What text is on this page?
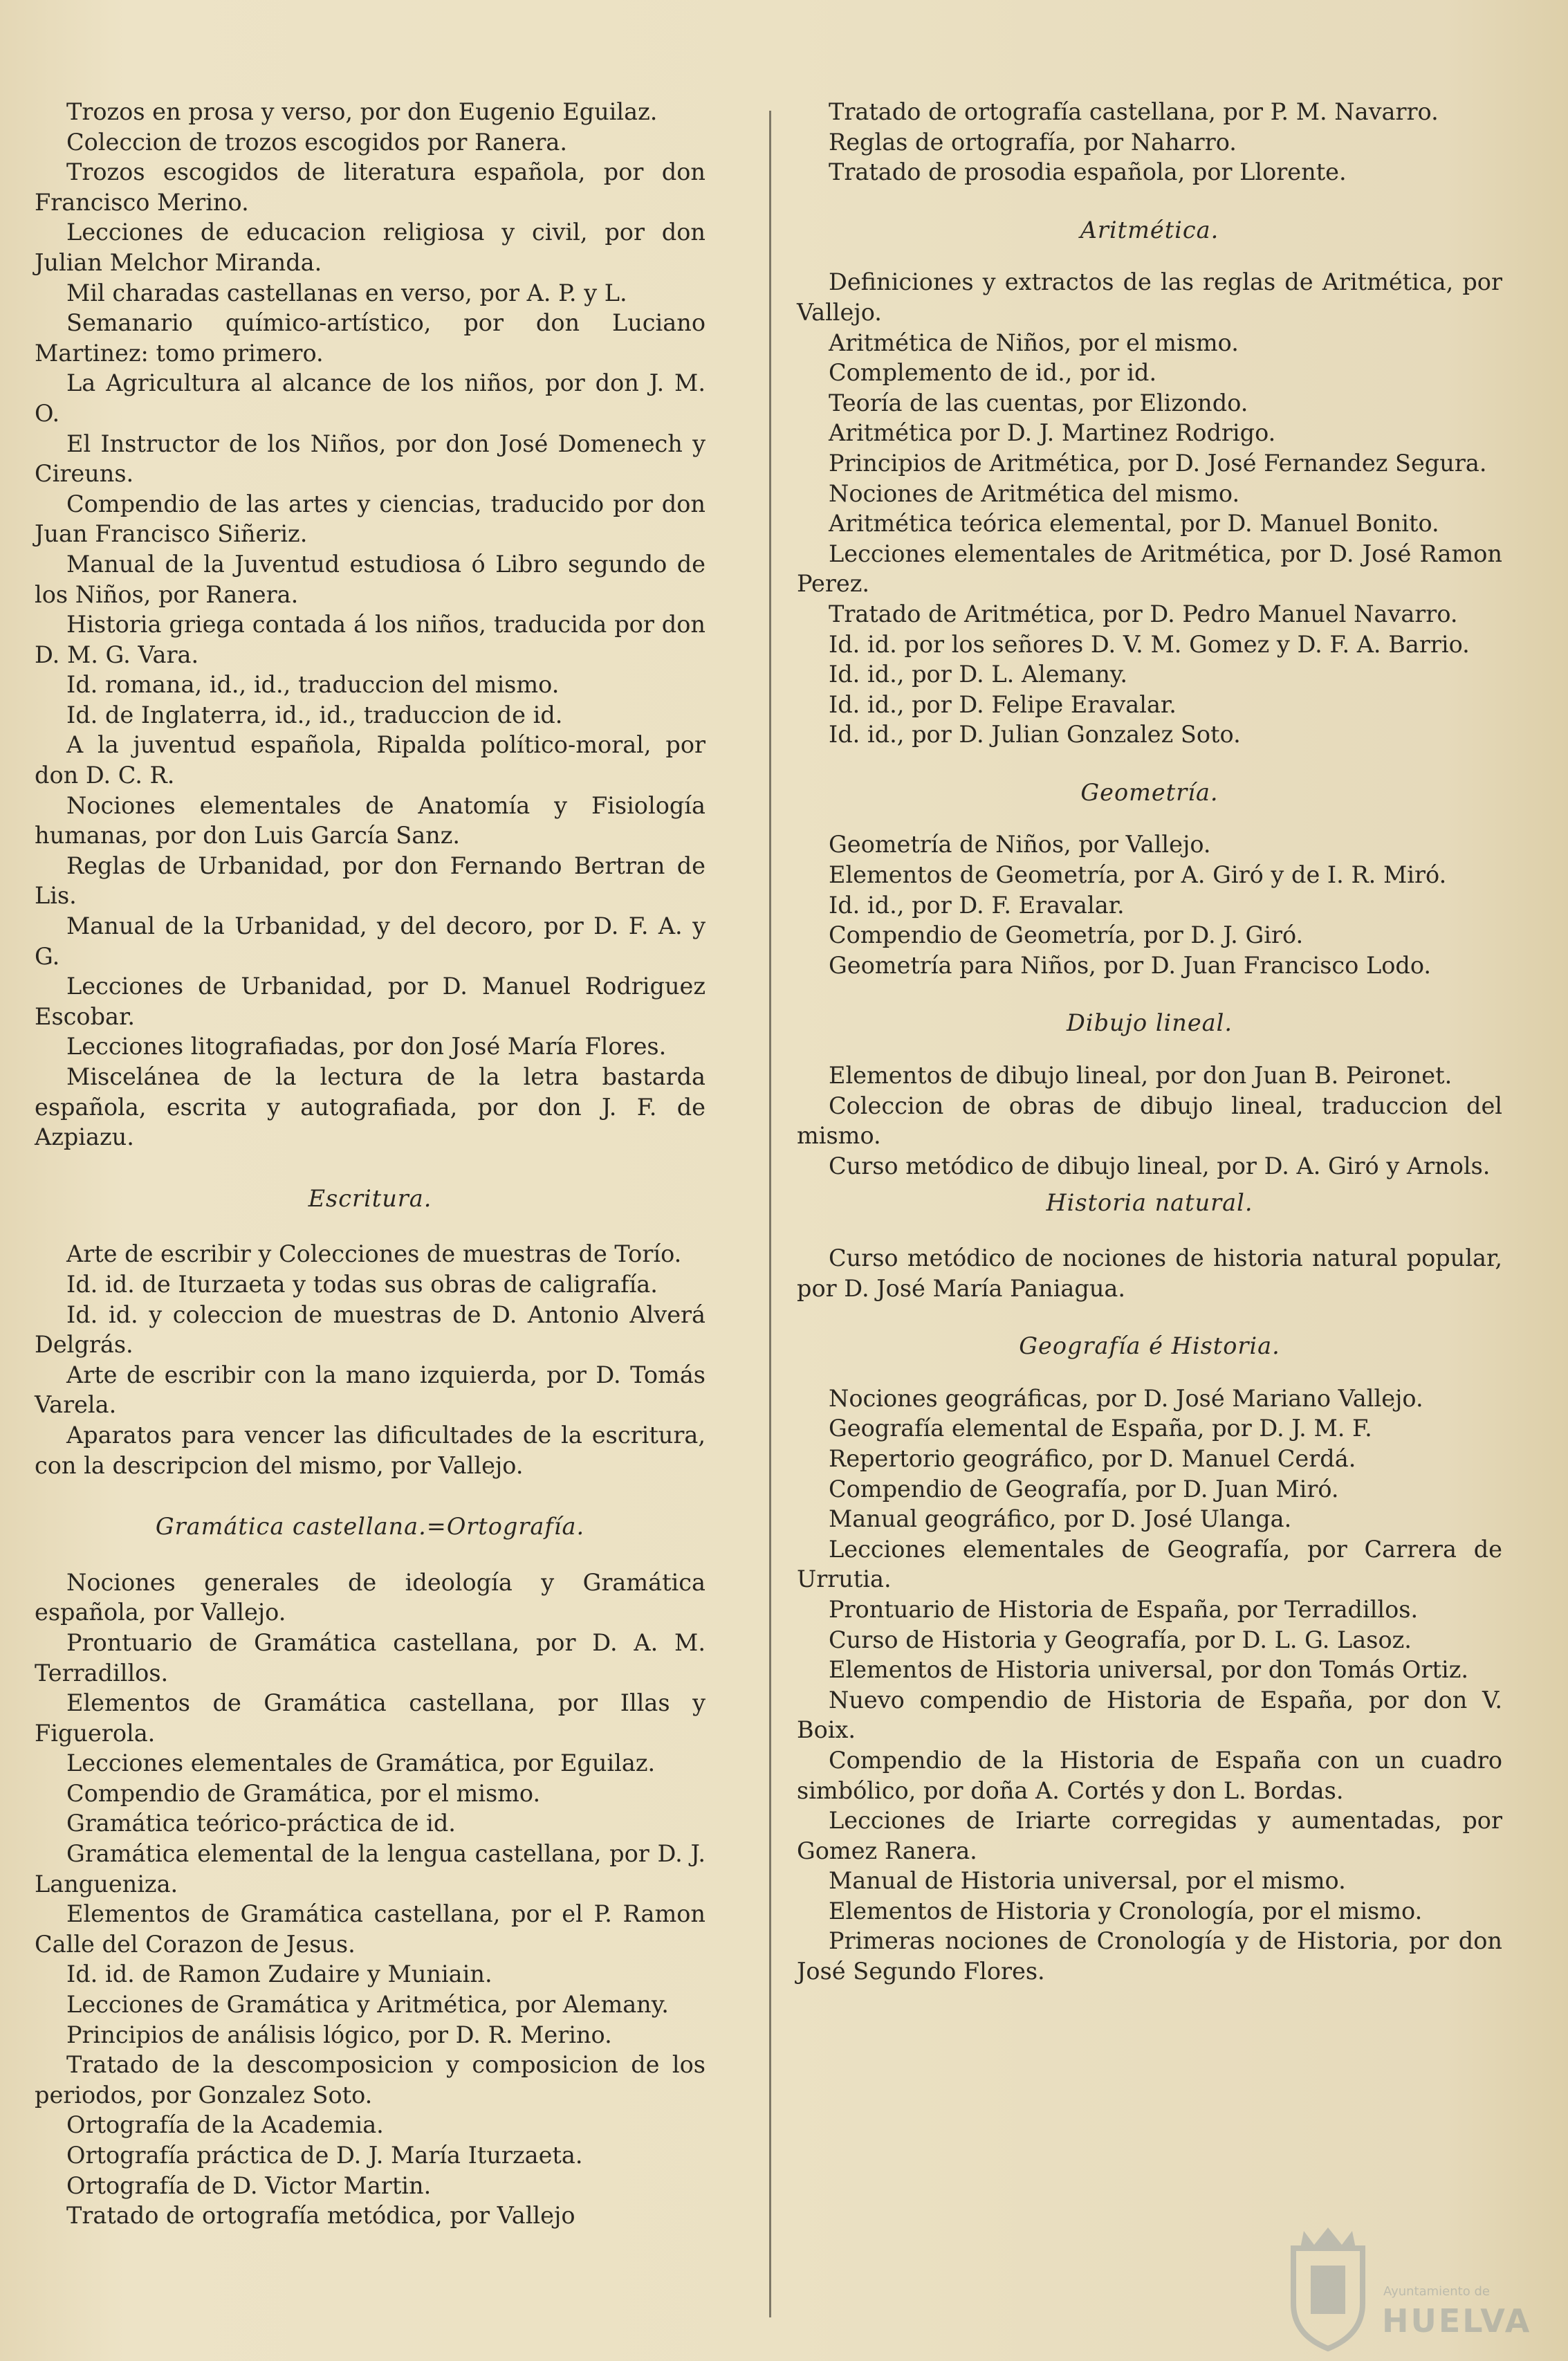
Trozos en prosa y verso, por don Eugenio Eguilaz.

Coleccion de trozos escogidos por Ranera.

Trozos escogidos de literatura española, por don Francisco Merino.

Lecciones de educacion religiosa y civil, por don Julian Melchor Miranda.

Mil charadas castellanas en verso, por A. P. y L.

Semanario químico-artístico, por don Luciano Martinez: tomo primero.

La Agricultura al alcance de los niños, por don J. M. O.

El Instructor de los Niños, por don José Domenech y Cireuns.

Compendio de las artes y ciencias, traducido por don Juan Francisco Siñeriz.

Manual de la Juventud estudiosa ó Libro segundo de los Niños, por Ranera.

Historia griega contada á los niños, traducida por don D. M. G. Vara.

Id. romana, id., id., traduccion del mismo.

Id. de Inglaterra, id., id., traduccion de id.

A la juventud española, Ripalda político-moral, por don D. C. R.

Nociones elementales de Anatomía y Fisiología humanas, por don Luis García Sanz.

Reglas de Urbanidad, por don Fernando Bertran de Lis.

Manual de la Urbanidad, y del decoro, por D. F. A. y G.

Lecciones de Urbanidad, por D. Manuel Rodriguez Escobar.

Lecciones litografiadas, por don José María Flores.

Miscelánea de la lectura de la letra bastarda española, escrita y autografiada, por don J. F. de Azpiazu.

Escritura.

Arte de escribir y Colecciones de muestras de Torío.

Id. id. de Iturzaeta y todas sus obras de caligrafía.

Id. id. y coleccion de muestras de D. Antonio Alverá Delgrás.

Arte de escribir con la mano izquierda, por D. Tomás Varela.

Aparatos para vencer las dificultades de la escritura, con la descripcion del mismo, por Vallejo.

Gramática castellana.=Ortografía.

Nociones generales de ideología y Gramática española, por Vallejo.

Prontuario de Gramática castellana, por D. A. M. Terradillos.

Elementos de Gramática castellana, por Illas y Figuerola.

Lecciones elementales de Gramática, por Eguilaz.

Compendio de Gramática, por el mismo.

Gramática teórico-práctica de id.

Gramática elemental de la lengua castellana, por D. J. Langueniza.

Elementos de Gramática castellana, por el P. Ramon Calle del Corazon de Jesus.

Id. id. de Ramon Zudaire y Muniain.

Lecciones de Gramática y Aritmética, por Alemany.

Principios de análisis lógico, por D. R. Merino.

Tratado de la descomposicion y composicion de los periodos, por Gonzalez Soto.

Ortografía de la Academia.

Ortografía práctica de D. J. María Iturzaeta.

Ortografía de D. Victor Martin.

Tratado de ortografía metódica, por Vallejo

Tratado de ortografía castellana, por P. M. Navarro.

Reglas de ortografía, por Naharro.

Tratado de prosodia española, por Llorente.

Aritmética.

Definiciones y extractos de las reglas de Aritmética, por Vallejo.

Aritmética de Niños, por el mismo.

Complemento de id., por id.

Teoría de las cuentas, por Elizondo.

Aritmética por D. J. Martinez Rodrigo.

Principios de Aritmética, por D. José Fernandez Segura.

Nociones de Aritmética del mismo.

Aritmética teórica elemental, por D. Manuel Bonito.

Lecciones elementales de Aritmética, por D. José Ramon Perez.

Tratado de Aritmética, por D. Pedro Manuel Navarro.

Id. id. por los señores D. V. M. Gomez y D. F. A. Barrio.

Id. id., por D. L. Alemany.

Id. id., por D. Felipe Eravalar.

Id. id., por D. Julian Gonzalez Soto.

Geometría.

Geometría de Niños, por Vallejo.

Elementos de Geometría, por A. Giró y de I. R. Miró.

Id. id., por D. F. Eravalar.

Compendio de Geometría, por D. J. Giró.

Geometría para Niños, por D. Juan Francisco Lodo.

Dibujo lineal.

Elementos de dibujo lineal, por don Juan B. Peironet.

Coleccion de obras de dibujo lineal, traduccion del mismo.

Curso metódico de dibujo lineal, por D. A. Giró y Arnols.

Historia natural.

Curso metódico de nociones de historia natural popular, por D. José María Paniagua.

Geografía é Historia.

Nociones geográficas, por D. José Mariano Vallejo.

Geografía elemental de España, por D. J. M. F.

Repertorio geográfico, por D. Manuel Cerdá.

Compendio de Geografía, por D. Juan Miró.

Manual geográfico, por D. José Ulanga.

Lecciones elementales de Geografía, por Carrera de Urrutia.

Prontuario de Historia de España, por Terradillos.

Curso de Historia y Geografía, por D. L. G. Lasoz.

Elementos de Historia universal, por don Tomás Ortiz.

Nuevo compendio de Historia de España, por don V. Boix.

Compendio de la Historia de España con un cuadro simbólico, por doña A. Cortés y don L. Bordas.

Lecciones de Iriarte corregidas y aumentadas, por Gomez Ranera.

Manual de Historia universal, por el mismo.

Elementos de Historia y Cronología, por el mismo.

Primeras nociones de Cronología y de Historia, por don José Segundo Flores.

Ayuntamiento de
HUELVA
